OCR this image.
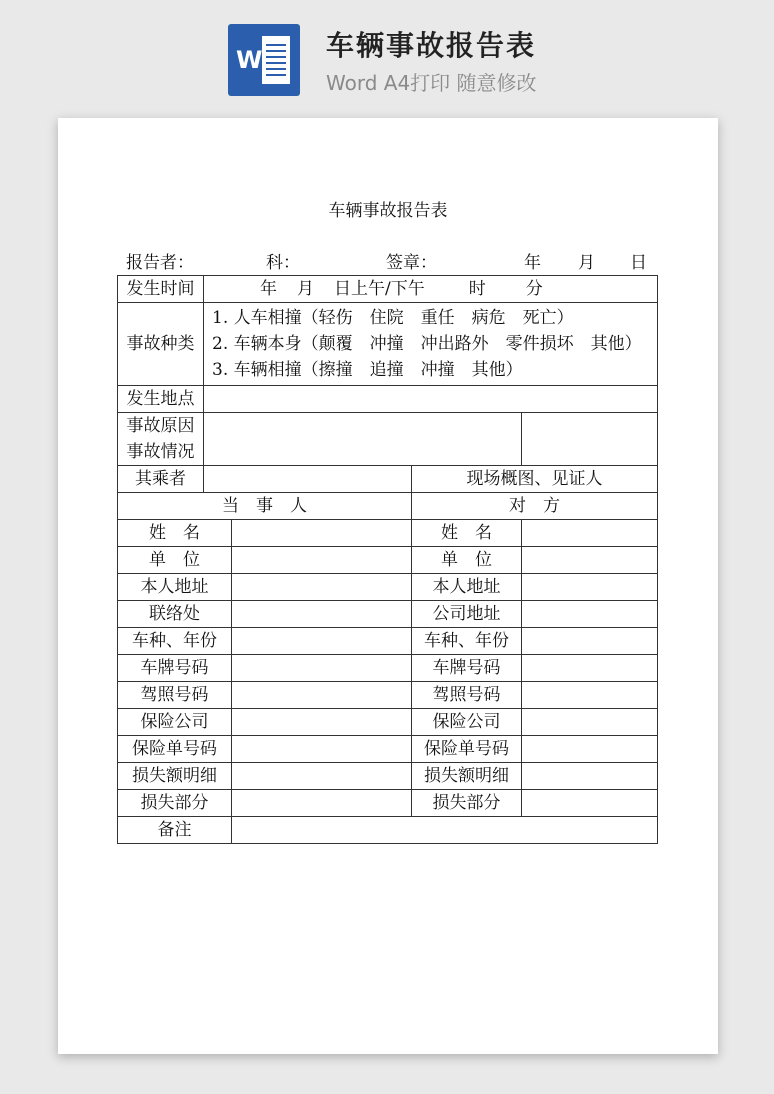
W 车辆事故报告表
Word A4打印 随意修改
车辆事故报告表
报告者：	科：	签章：	年 月 日
发生时间	年 月 日上午/下午 时 分			
事故种类	1. 人车相撞（轻伤　住院　重任　病危　死亡）
2. 车辆本身（颠覆　冲撞　冲出路外　零件损坏　其他）
3. 车辆相撞（擦撞　追撞　冲撞　其他）			

发生地点				

事故原因
事故情况				

其乘者			现场概图、见证人	
当　事　人			对　方	
姓　名			姓　名	
单　位			单　位	
本人地址			本人地址	
联络处			公司地址	
车种、年份			车种、年份	
车牌号码			车牌号码	
驾照号码			驾照号码	
保险公司			保险公司	
保险单号码			保险单号码	
损失额明细			损失额明细	
损失部分			损失部分	
备注				
